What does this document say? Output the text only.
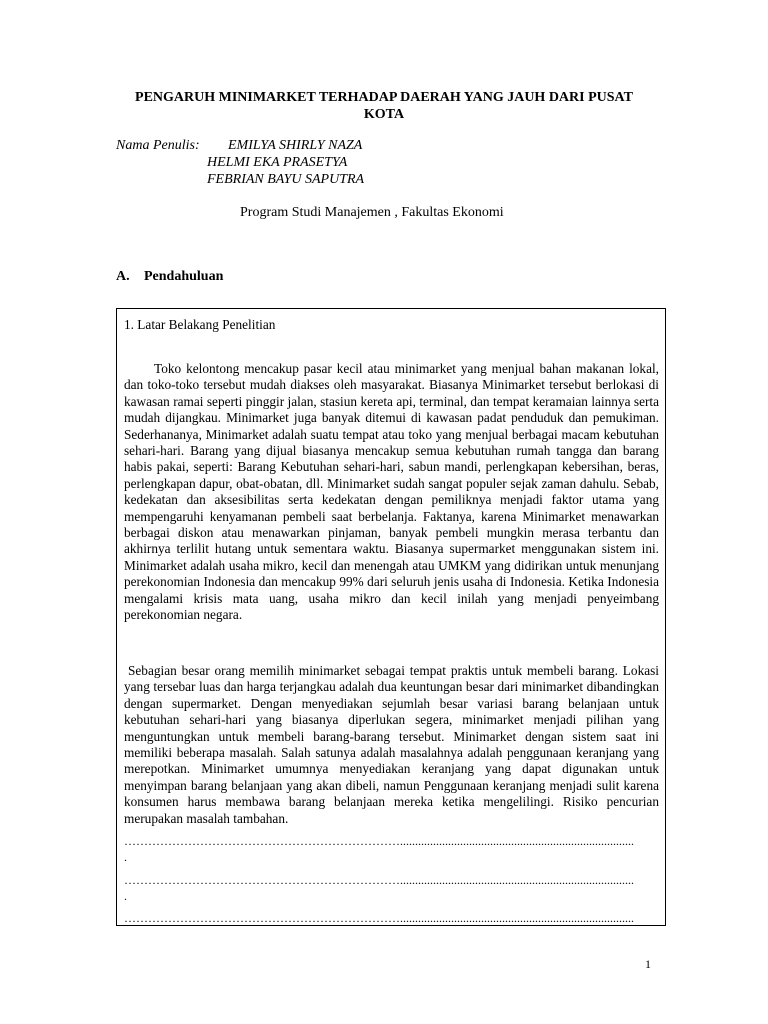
PENGARUH MINIMARKET TERHADAP DAERAH YANG JAUH DARI PUSAT KOTA
Nama Penulis: EMILYA SHIRLY NAZA
HELMI EKA PRASETYA
FEBRIAN BAYU SAPUTRA
Program Studi Manajemen , Fakultas Ekonomi
A. Pendahuluan
1. Latar Belakang Penelitian
Toko kelontong mencakup pasar kecil atau minimarket yang menjual bahan makanan lokal, dan toko-toko tersebut mudah diakses oleh masyarakat. Biasanya Minimarket tersebut berlokasi di kawasan ramai seperti pinggir jalan, stasiun kereta api, terminal, dan tempat keramaian lainnya serta mudah dijangkau. Minimarket juga banyak ditemui di kawasan padat penduduk dan pemukiman. Sederhananya, Minimarket adalah suatu tempat atau toko yang menjual berbagai macam kebutuhan sehari-hari. Barang yang dijual biasanya mencakup semua kebutuhan rumah tangga dan barang habis pakai, seperti: Barang Kebutuhan sehari-hari, sabun mandi, perlengkapan kebersihan, beras, perlengkapan dapur, obat-obatan, dll. Minimarket sudah sangat populer sejak zaman dahulu. Sebab, kedekatan dan aksesibilitas serta kedekatan dengan pemiliknya menjadi faktor utama yang mempengaruhi kenyamanan pembeli saat berbelanja. Faktanya, karena Minimarket menawarkan berbagai diskon atau menawarkan pinjaman, banyak pembeli mungkin merasa terbantu dan akhirnya terlilit hutang untuk sementara waktu. Biasanya supermarket menggunakan sistem ini. Minimarket adalah usaha mikro, kecil dan menengah atau UMKM yang didirikan untuk menunjang perekonomian Indonesia dan mencakup 99% dari seluruh jenis usaha di Indonesia. Ketika Indonesia mengalami krisis mata uang, usaha mikro dan kecil inilah yang menjadi penyeimbang perekonomian negara.
Sebagian besar orang memilih minimarket sebagai tempat praktis untuk membeli barang. Lokasi yang tersebar luas dan harga terjangkau adalah dua keuntungan besar dari minimarket dibandingkan dengan supermarket. Dengan menyediakan sejumlah besar variasi barang belanjaan untuk kebutuhan sehari-hari yang biasanya diperlukan segera, minimarket menjadi pilihan yang menguntungkan untuk membeli barang-barang tersebut. Minimarket dengan sistem saat ini memiliki beberapa masalah. Salah satunya adalah masalahnya adalah penggunaan keranjang yang merepotkan. Minimarket umumnya menyediakan keranjang yang dapat digunakan untuk menyimpan barang belanjaan yang akan dibeli, namun Penggunaan keranjang menjadi sulit karena konsumen harus membawa barang belanjaan mereka ketika mengelilingi. Risiko pencurian merupakan masalah tambahan.
……………………………………………………………..............................................................................
.
……………………………………………………………..............................................................................
.
……………………………………………………………..............................................................................
1
